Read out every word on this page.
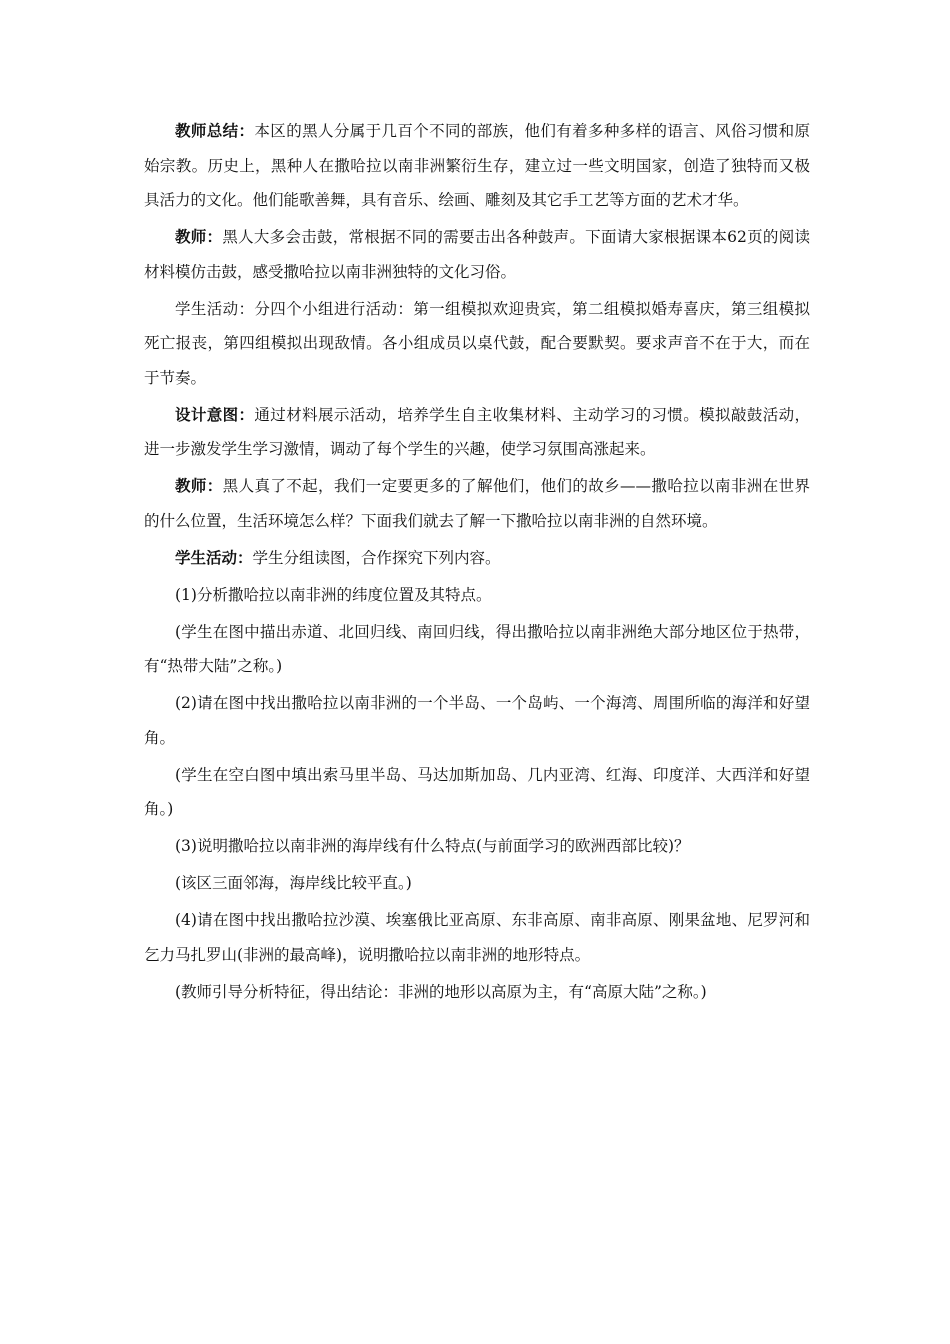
教师总结：本区的黑人分属于几百个不同的部族，他们有着多种多样的语言、风俗习惯和原始宗教。历史上，黑种人在撒哈拉以南非洲繁衍生存，建立过一些文明国家，创造了独特而又极具活力的文化。他们能歌善舞，具有音乐、绘画、雕刻及其它手工艺等方面的艺术才华。

教师：黑人大多会击鼓，常根据不同的需要击出各种鼓声。下面请大家根据课本62页的阅读材料模仿击鼓，感受撒哈拉以南非洲独特的文化习俗。

学生活动：分四个小组进行活动：第一组模拟欢迎贵宾，第二组模拟婚寿喜庆，第三组模拟死亡报丧，第四组模拟出现敌情。各小组成员以桌代鼓，配合要默契。要求声音不在于大，而在于节奏。

设计意图：通过材料展示活动，培养学生自主收集材料、主动学习的习惯。模拟敲鼓活动，进一步激发学生学习激情，调动了每个学生的兴趣，使学习氛围高涨起来。

教师：黑人真了不起，我们一定要更多的了解他们，他们的故乡——撒哈拉以南非洲在世界的什么位置，生活环境怎么样？下面我们就去了解一下撒哈拉以南非洲的自然环境。

学生活动：学生分组读图，合作探究下列内容。

(1)分析撒哈拉以南非洲的纬度位置及其特点。

(学生在图中描出赤道、北回归线、南回归线，得出撒哈拉以南非洲绝大部分地区位于热带，有“热带大陆”之称。)

(2)请在图中找出撒哈拉以南非洲的一个半岛、一个岛屿、一个海湾、周围所临的海洋和好望角。

(学生在空白图中填出索马里半岛、马达加斯加岛、几内亚湾、红海、印度洋、大西洋和好望角。)

(3)说明撒哈拉以南非洲的海岸线有什么特点(与前面学习的欧洲西部比较)？

(该区三面邻海，海岸线比较平直。)

(4)请在图中找出撒哈拉沙漠、埃塞俄比亚高原、东非高原、南非高原、刚果盆地、尼罗河和乞力马扎罗山(非洲的最高峰)，说明撒哈拉以南非洲的地形特点。

(教师引导分析特征，得出结论：非洲的地形以高原为主，有“高原大陆”之称。)
